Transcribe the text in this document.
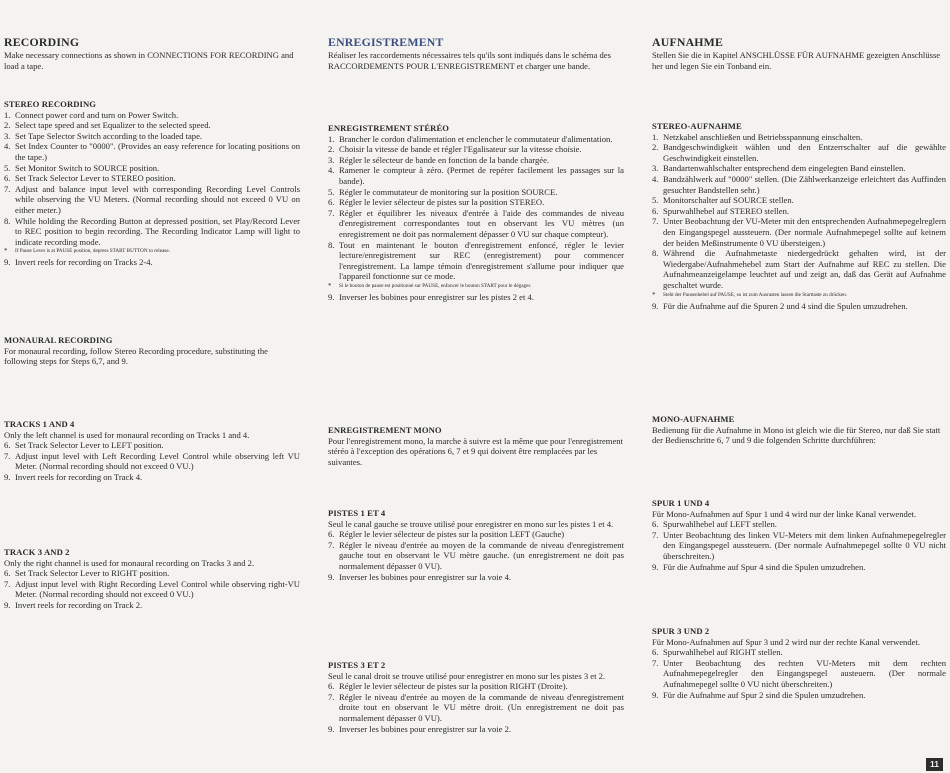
RECORDING
Make necessary connections as shown in CONNECTIONS FOR RECORDING and load a tape.
STEREO RECORDING
1. Connect power cord and turn on Power Switch.
2. Select tape speed and set Equalizer to the selected speed.
3. Set Tape Selector Switch according to the loaded tape.
4. Set Index Counter to "0000". (Provides an easy reference for locating positions on the tape.)
5. Set Monitor Switch to SOURCE position.
6. Set Track Selector Lever to STEREO position.
7. Adjust and balance input level with corresponding Recording Level Controls while observing the VU Meters. (Normal recording should not exceed 0 VU on either meter.)
8. While holding the Recording Button at depressed position, set Play/Record Lever to REC position to begin recording. The Recording Indicator Lamp will light to indicate recording mode.
*	If Pause Lever is at PAUSE position, depress START BUTTON to release.
9. Invert reels for recording on Tracks 2-4.
MONAURAL RECORDING
For monaural recording, follow Stereo Recording procedure, substituting the following steps for Steps 6,7, and 9.
TRACKS 1 AND 4
Only the left channel is used for monaural recording on Tracks 1 and 4.
6. Set Track Selector Lever to LEFT position.
7. Adjust input level with Left Recording Level Control while observing left VU Meter. (Normal recording should not exceed 0 VU.)
9. Invert reels for recording on Track 4.
TRACK 3 AND 2
Only the right channel is used for monaural recording on Tracks 3 and 2.
6. Set Track Selector Lever to RIGHT position.
7. Adjust input level with Right Recording Level Control while observing right-VU Meter. (Normal recording should not exceed 0 VU.)
9. Invert reels for recording on Track 2.
ENREGISTREMENT
Réaliser les raccordements nécessaires tels qu'ils sont indiqués dans le schéma des RACCORDEMENTS POUR L'ENREGISTREMENT et charger une bande.
ENREGISTREMENT STÉRÉO
1. Brancher le cordon d'alimentation et enclencher le commutateur d'alimentation.
2. Choisir la vitesse de bande et régler l'Egalisateur sur la vitesse choisie.
3. Régler le sélecteur de bande en fonction de la bande chargée.
4. Ramener le compteur à zéro. (Permet de repérer facilement les passages sur la bande).
5. Régler le commutateur de monitoring sur la position SOURCE.
6. Régler le levier sélecteur de pistes sur la position STEREO.
7. Régler et équilibrer les niveaux d'entrée à l'aide des commandes de niveau d'enregistrement correspondantes tout en observant les VU mètres (un enregistrement ne doit pas normalement dépasser 0 VU sur chaque compteur).
8. Tout en maintenant le bouton d'enregistrement enfoncé, régler le levier lecture/enregistrement sur REC (enregistrement) pour commencer l'enregistrement. La lampe témoin d'enregistrement s'allume pour indiquer que l'appareil fonctionne sur ce mode.
*	Si le bouton de pause est positionné sur PAUSE, enfoncer le bouton START pour le dégager.
9. Inverser les bobines pour enregistrer sur les pistes 2 et 4.
ENREGISTREMENT MONO
Pour l'enregistrement mono, la marche à suivre est la même que pour l'enregistrement stéréo à l'exception des opérations 6, 7 et 9 qui doivent être remplacées par les suivantes.
PISTES 1 ET 4
Seul le canal gauche se trouve utilisé pour enregistrer en mono sur les pistes 1 et 4.
6. Régler le levier sélecteur de pistes sur la position LEFT (Gauche)
7. Régler le niveau d'entrée au moyen de la commande de niveau d'enregistrement gauche tout en observant le VU mètre gauche. (un enregistrement ne doit pas normalement dépasser 0 VU).
9. Inverser les bobines pour enregistrer sur la voie 4.
PISTES 3 ET 2
Seul le canal droit se trouve utilisé pour enregistrer en mono sur les pistes 3 et 2.
6. Régler le levier sélecteur de pistes sur la position RIGHT (Droite).
7. Régler le niveau d'entrée au moyen de la commande de niveau d'enregistrement droite tout en observant le VU mètre droit. (Un enregistrement ne doit pas normalement dépasser 0 VU).
9. Inverser les bobines pour enregistrer sur la voie 2.
AUFNAHME
Stellen Sie die in Kapitel ANSCHLÜSSE FÜR AUFNAHME gezeigten Anschlüsse her und legen Sie ein Tonband ein.
STEREO-AUFNAHME
1. Netzkabel anschließen und Betriebsspannung einschalten.
2. Bandgeschwindigkeit wählen und den Entzerrschalter auf die gewählte Geschwindigkeit einstellen.
3. Bandartenwahlschalter entsprechend dem eingelegten Band einstellen.
4. Bandzählwerk auf "0000" stellen. (Die Zählwerkanzeige erleichtert das Auffinden gesuchter Bandstellen sehr.)
5. Monitorschalter auf SOURCE stellen.
6. Spurwahlhebel auf STEREO stellen.
7. Unter Beobachtung der VU-Meter mit den entsprechenden Aufnahmepegelreglern den Eingangspegel aussteuern. (Der normale Aufnahmepegel sollte auf keinem der beiden Meßinstrumente 0 VU übersteigen.)
8. Während die Aufnahmetaste niedergedrückt gehalten wird, ist der Wiedergabe/Aufnahmehebel zum Start der Aufnahme auf REC zu stellen. Die Aufnahmeanzeigelampe leuchtet auf und zeigt an, daß das Gerät auf Aufnahme geschaltet wurde.
*	Steht der Pausenhebel auf PAUSE, so ist zum Ausrasten lassen die Starttaste zu drücken.
9. Für die Aufnahme auf die Spuren 2 und 4 sind die Spulen umzudrehen.
MONO-AUFNAHME
Bedienung für die Aufnahme in Mono ist gleich wie die für Stereo, nur daß Sie statt der Bedienschritte 6, 7 und 9 die folgenden Schritte durchführen:
SPUR 1 UND 4
Für Mono-Aufnahmen auf Spur 1 und 4 wird nur der linke Kanal verwendet.
6. Spurwahlhebel auf LEFT stellen.
7. Unter Beobachtung des linken VU-Meters mit dem linken Aufnahmepegelregler den Eingangspegel aussteuern. (Der normale Aufnahmepegel sollte 0 VU nicht überschreiten.)
9. Für die Aufnahme auf Spur 4 sind die Spulen umzudrehen.
SPUR 3 UND 2
Für Mono-Aufnahmen auf Spur 3 und 2 wird nur der rechte Kanal verwendet.
6. Spurwahlhebel auf RIGHT stellen.
7. Unter Beobachtung des rechten VU-Meters mit dem rechten Aufnahmepegelregler den Eingangspegel austeuern. (Der normale Aufnahmepegel sollte 0 VU nicht überschreiten.)
9. Für die Aufnahme auf Spur 2 sind die Spulen umzudrehen.
11
